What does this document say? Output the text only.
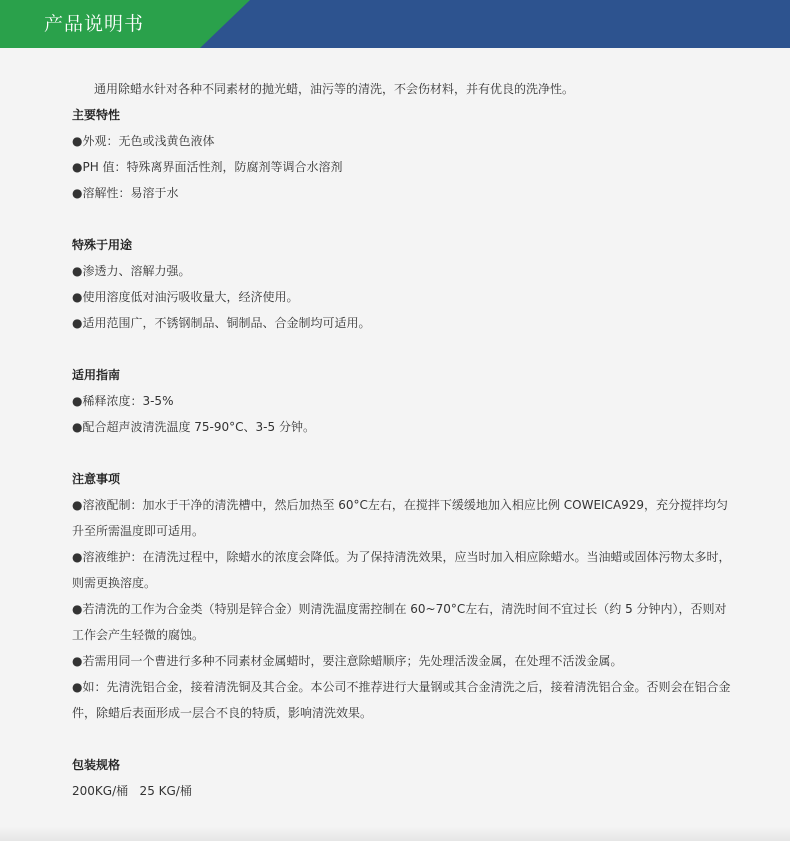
产品说明书
通用除蜡水针对各种不同素材的抛光蜡，油污等的清洗，不会伤材料，并有优良的洗净性。
主要特性
●外观：无色或浅黄色液体
●PH 值：特殊离界面活性剂，防腐剂等调合水溶剂
●溶解性：易溶于水
特殊于用途
●渗透力、溶解力强。
●使用溶度低对油污吸收量大，经济使用。
●适用范围广，不锈钢制品、铜制品、合金制均可适用。
适用指南
●稀释浓度：3-5%
●配合超声波清洗温度 75-90°C、3-5 分钟。
注意事项
●溶液配制：加水于干净的清洗槽中，然后加热至 60°C左右，在搅拌下缓缓地加入相应比例 COWEICA929，充分搅拌均匀升至所需温度即可适用。
●溶液维护：在清洗过程中，除蜡水的浓度会降低。为了保持清洗效果，应当时加入相应除蜡水。当油蜡或固体污物太多时，则需更换溶度。
●若清洗的工作为合金类（特别是锌合金）则清洗温度需控制在 60~70°C左右，清洗时间不宜过长（约 5 分钟内），否则对工作会产生轻微的腐蚀。
●若需用同一个曹进行多种不同素材金属蜡时，要注意除蜡顺序；先处理活泼金属，在处理不活泼金属。
●如：先清洗铝合金，接着清洗铜及其合金。本公司不推荐进行大量钢或其合金清洗之后，接着清洗铝合金。否则会在铝合金件，除蜡后表面形成一层合不良的特质，影响清洗效果。
包装规格
200KG/桶   25 KG/桶
